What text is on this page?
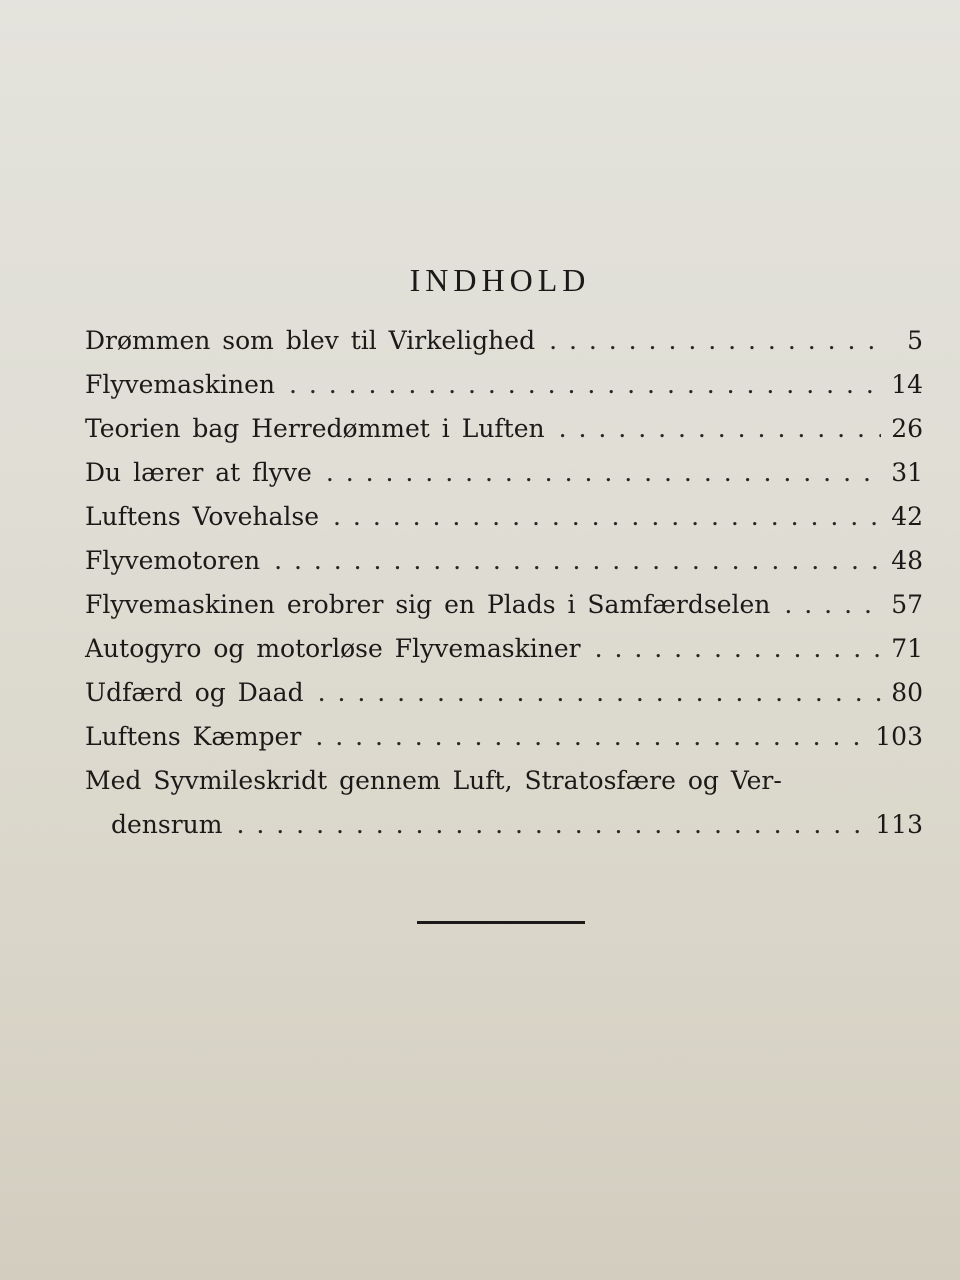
INDHOLD
Drømmen som blev til Virkelighed . . .	5
Flyvemaskinen . . .	14
Teorien bag Herredømmet i Luften . . .	26
Du lærer at flyve . . .	31
Luftens Vovehalse . . .	42
Flyvemotoren . . .	48
Flyvemaskinen erobrer sig en Plads i Samfærdselen . . .	57
Autogyro og motorløse Flyvemaskiner . . .	71
Udfærd og Daad . . .	80
Luftens Kæmper . . .	103
Med Syvmileskridt gennem Luft, Stratosfære og Ver-
densrum . . .	113
